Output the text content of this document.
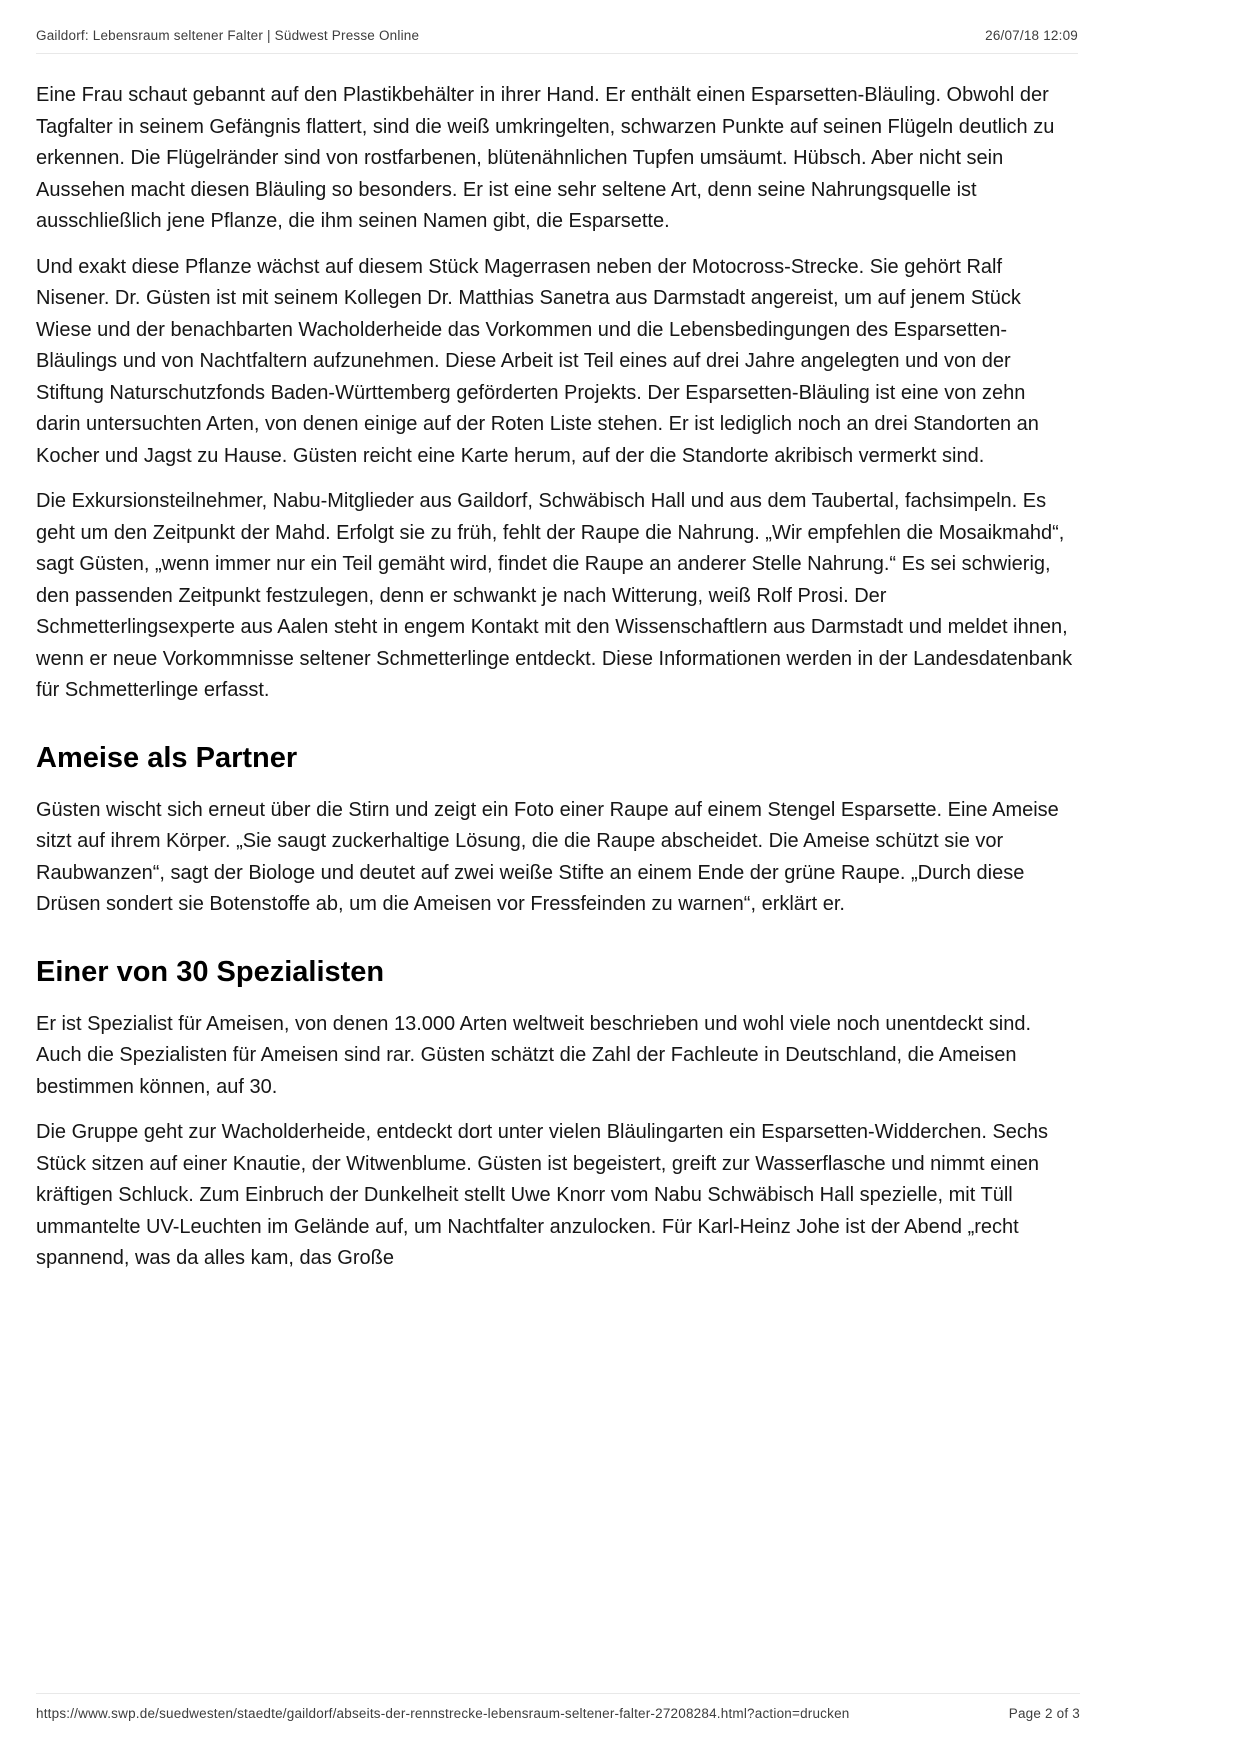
Gaildorf: Lebensraum seltener Falter | Südwest Presse Online	26/07/18 12:09

Eine Frau schaut gebannt auf den Plastikbehälter in ihrer Hand. Er enthält einen Esparsetten-Bläuling. Obwohl der Tagfalter in seinem Gefängnis flattert, sind die weiß umkringelten, schwarzen Punkte auf seinen Flügeln deutlich zu erkennen. Die Flügelränder sind von rostfarbenen, blütenähnlichen Tupfen umsäumt. Hübsch. Aber nicht sein Aussehen macht diesen Bläuling so besonders. Er ist eine sehr seltene Art, denn seine Nahrungsquelle ist ausschließlich jene Pflanze, die ihm seinen Namen gibt, die Esparsette.

Und exakt diese Pflanze wächst auf diesem Stück Magerrasen neben der Motocross-Strecke. Sie gehört Ralf Nisener. Dr. Güsten ist mit seinem Kollegen Dr. Matthias Sanetra aus Darmstadt angereist, um auf jenem Stück Wiese und der benachbarten Wacholderheide das Vorkommen und die Lebensbedingungen des Esparsetten-Bläulings und von Nachtfaltern aufzunehmen. Diese Arbeit ist Teil eines auf drei Jahre angelegten und von der Stiftung Naturschutzfonds Baden-Württemberg geförderten Projekts. Der Esparsetten-Bläuling ist eine von zehn darin untersuchten Arten, von denen einige auf der Roten Liste stehen. Er ist lediglich noch an drei Standorten an Kocher und Jagst zu Hause. Güsten reicht eine Karte herum, auf der die Standorte akribisch vermerkt sind.

Die Exkursionsteilnehmer, Nabu-Mitglieder aus Gaildorf, Schwäbisch Hall und aus dem Taubertal, fachsimpeln. Es geht um den Zeitpunkt der Mahd. Erfolgt sie zu früh, fehlt der Raupe die Nahrung. „Wir empfehlen die Mosaikmahd“, sagt Güsten, „wenn immer nur ein Teil gemäht wird, findet die Raupe an anderer Stelle Nahrung.“ Es sei schwierig, den passenden Zeitpunkt festzulegen, denn er schwankt je nach Witterung, weiß Rolf Prosi. Der Schmetterlingsexperte aus Aalen steht in engem Kontakt mit den Wissenschaftlern aus Darmstadt und meldet ihnen, wenn er neue Vorkommnisse seltener Schmetterlinge entdeckt. Diese Informationen werden in der Landesdatenbank für Schmetterlinge erfasst.

Ameise als Partner

Güsten wischt sich erneut über die Stirn und zeigt ein Foto einer Raupe auf einem Stengel Esparsette. Eine Ameise sitzt auf ihrem Körper. „Sie saugt zuckerhaltige Lösung, die die Raupe abscheidet. Die Ameise schützt sie vor Raubwanzen“, sagt der Biologe und deutet auf zwei weiße Stifte an einem Ende der grüne Raupe. „Durch diese Drüsen sondert sie Botenstoffe ab, um die Ameisen vor Fressfeinden zu warnen“, erklärt er.

Einer von 30 Spezialisten

Er ist Spezialist für Ameisen, von denen 13.000 Arten weltweit beschrieben und wohl viele noch unentdeckt sind. Auch die Spezialisten für Ameisen sind rar. Güsten schätzt die Zahl der Fachleute in Deutschland, die Ameisen bestimmen können, auf 30.

Die Gruppe geht zur Wacholderheide, entdeckt dort unter vielen Bläulingarten ein Esparsetten-Widderchen. Sechs Stück sitzen auf einer Knautie, der Witwenblume. Güsten ist begeistert, greift zur Wasserflasche und nimmt einen kräftigen Schluck. Zum Einbruch der Dunkelheit stellt Uwe Knorr vom Nabu Schwäbisch Hall spezielle, mit Tüll ummantelte UV-Leuchten im Gelände auf, um Nachtfalter anzulocken. Für Karl-Heinz Johe ist der Abend „recht spannend, was da alles kam, das Große

https://www.swp.de/suedwesten/staedte/gaildorf/abseits-der-rennstrecke-lebensraum-seltener-falter-27208284.html?action=drucken	Page 2 of 3
